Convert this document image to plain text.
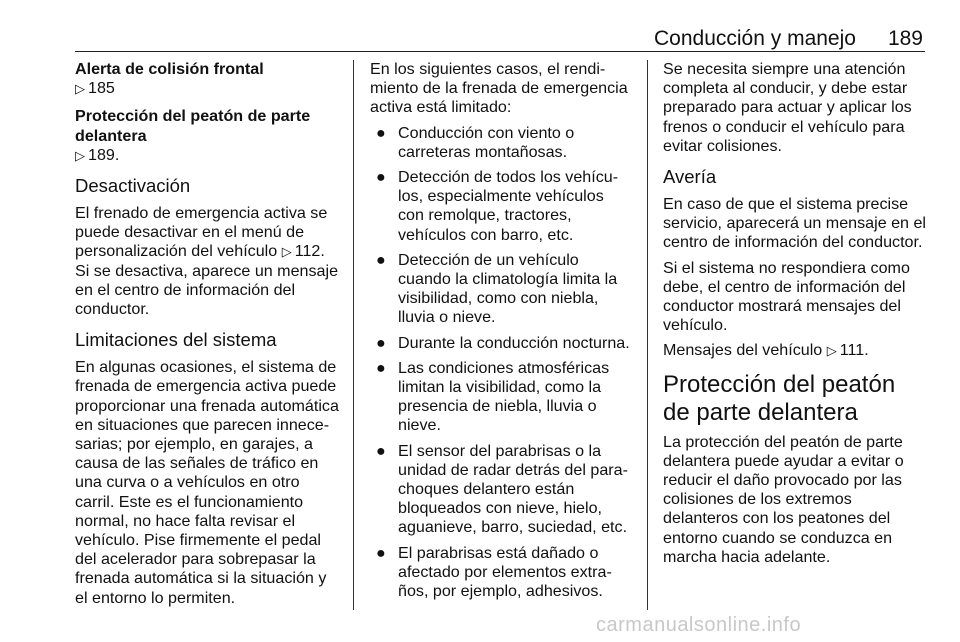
Conducción y manejo 189

Alerta de colisión frontal

▷ 185

Protección del peatón de parte delantera

▷ 189.

Desactivación

El frenado de emergencia activa se puede desactivar en el menú de personalización del vehículo ▷ 112. Si se desactiva, aparece un mensaje en el centro de información del conductor.

Limitaciones del sistema

En algunas ocasiones, el sistema de frenada de emergencia activa puede proporcionar una frenada automática en situaciones que parecen innecesarias; por ejemplo, en garajes, a causa de las señales de tráfico en una curva o a vehículos en otro carril. Este es el funcionamiento normal, no hace falta revisar el vehículo. Pise firmemente el pedal del acelerador para sobrepasar la frenada automática si la situación y el entorno lo permiten.

En los siguientes casos, el rendimiento de la frenada de emergencia activa está limitado:

● Conducción con viento o carreteras montañosas.
● Detección de todos los vehículos, especialmente vehículos con remolque, tractores, vehículos con barro, etc.
● Detección de un vehículo cuando la climatología limita la visibilidad, como con niebla, lluvia o nieve.
● Durante la conducción nocturna.
● Las condiciones atmosféricas limitan la visibilidad, como la presencia de niebla, lluvia o nieve.
● El sensor del parabrisas o la unidad de radar detrás del parachoques delantero están bloqueados con nieve, hielo, aguanieve, barro, suciedad, etc.
● El parabrisas está dañado o afectado por elementos extraños, por ejemplo, adhesivos.

Se necesita siempre una atención completa al conducir, y debe estar preparado para actuar y aplicar los frenos o conducir el vehículo para evitar colisiones.

Avería

En caso de que el sistema precise servicio, aparecerá un mensaje en el centro de información del conductor.

Si el sistema no respondiera como debe, el centro de información del conductor mostrará mensajes del vehículo.

Mensajes del vehículo ▷ 111.

Protección del peatón de parte delantera

La protección del peatón de parte delantera puede ayudar a evitar o reducir el daño provocado por las colisiones de los extremos delanteros con los peatones del entorno cuando se conduzca en marcha hacia adelante.

carmanualsonline.info
